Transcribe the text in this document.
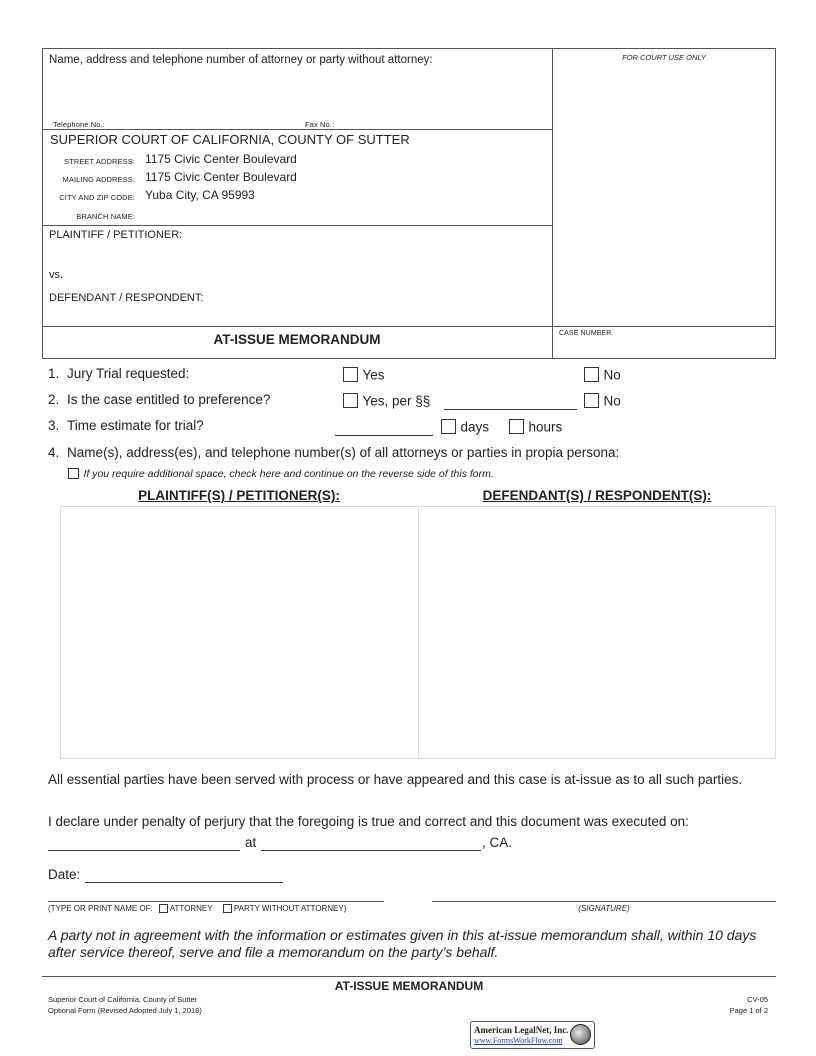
Name, address and telephone number of attorney or party without attorney:
Telephone No.:	Fax No.:
FOR COURT USE ONLY
SUPERIOR COURT OF CALIFORNIA, COUNTY OF SUTTER
STREET ADDRESS: 1175 Civic Center Boulevard
MAILING ADDRESS: 1175 Civic Center Boulevard
CITY AND ZIP CODE: Yuba City, CA 95993
BRANCH NAME:
PLAINTIFF / PETITIONER:
vs.
DEFENDANT / RESPONDENT:
AT-ISSUE MEMORANDUM	CASE NUMBER
1. Jury Trial requested:	Yes	No
2. Is the case entitled to preference?	Yes, per §§	No
3. Time estimate for trial?	days	hours
4. Name(s), address(es), and telephone number(s) of all attorneys or parties in propia persona:
If you require additional space, check here and continue on the reverse side of this form.
PLAINTIFF(S) / PETITIONER(S):	DEFENDANT(S) / RESPONDENT(S):
All essential parties have been served with process or have appeared and this case is at-issue as to all such parties.
I declare under penalty of perjury that the foregoing is true and correct and this document was executed on:
at	, CA.
Date:
(TYPE OR PRINT NAME OF: ATTORNEY	PARTY WITHOUT ATTORNEY)	(SIGNATURE)
A party not in agreement with the information or estimates given in this at-issue memorandum shall, within 10 days after service thereof, serve and file a memorandum on the party’s behalf.
AT-ISSUE MEMORANDUM
Superior Court of California, County of Sutter
Optional Form (Revised Adopted July 1, 2018)
CV-05
Page 1 of 2
American LegalNet, Inc.
www.FormsWorkFlow.com
